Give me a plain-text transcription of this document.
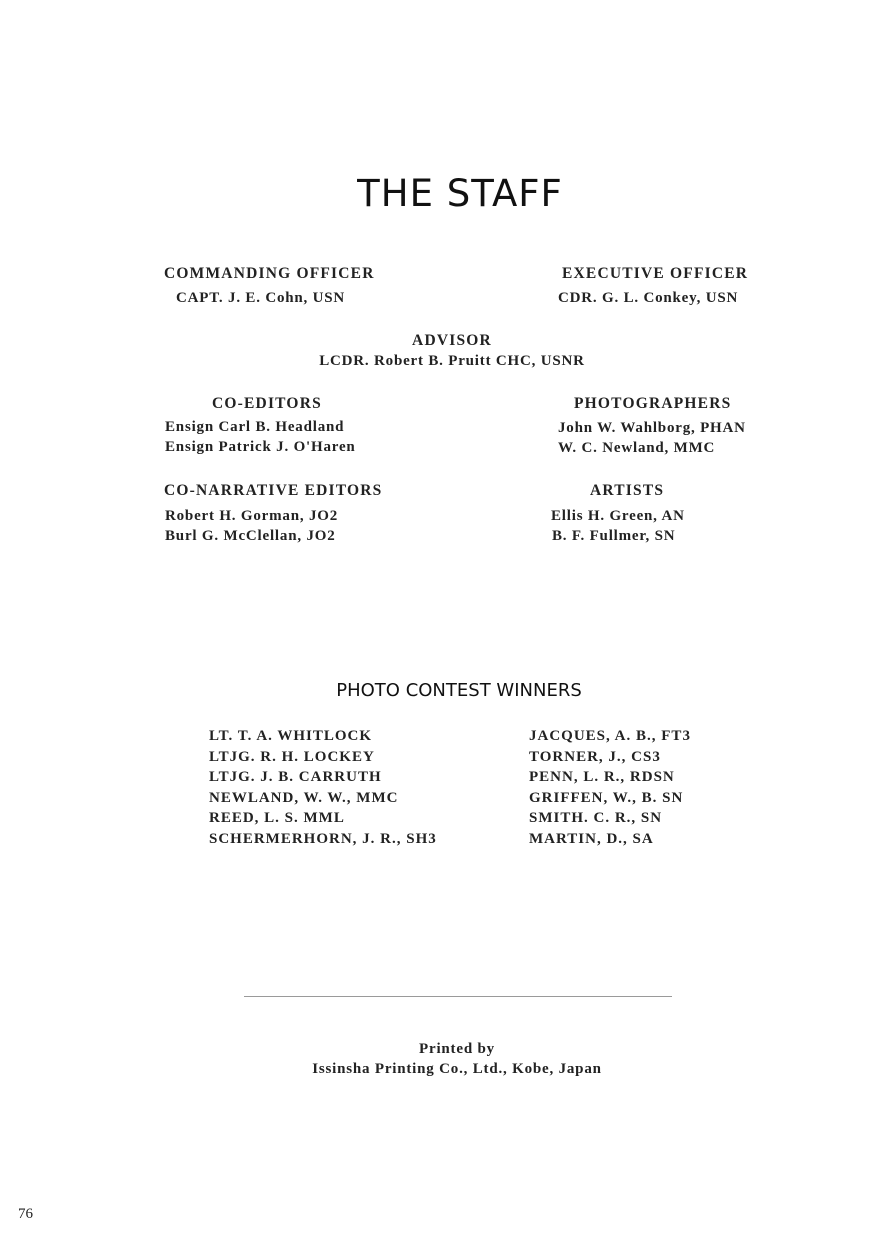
THE STAFF
COMMANDING OFFICER
CAPT. J. E. Cohn, USN
EXECUTIVE OFFICER
CDR. G. L. Conkey, USN
ADVISOR
LCDR. Robert B. Pruitt CHC, USNR
CO-EDITORS
Ensign Carl B. Headland
Ensign Patrick J. O'Haren
PHOTOGRAPHERS
John W. Wahlborg, PHAN
W. C. Newland, MMC
CO-NARRATIVE EDITORS
Robert H. Gorman, JO2
Burl G. McClellan, JO2
ARTISTS
Ellis H. Green, AN
B. F. Fullmer, SN
PHOTO CONTEST WINNERS
LT. T. A. WHITLOCK
LTJG. R. H. LOCKEY
LTJG. J. B. CARRUTH
NEWLAND, W. W., MMC
REED, L. S. MML
SCHERMERHORN, J. R., SH3
JACQUES, A. B., FT3
TORNER, J., CS3
PENN, L. R., RDSN
GRIFFEN, W., B. SN
SMITH. C. R., SN
MARTIN, D., SA
Printed by
Issinsha Printing Co., Ltd., Kobe, Japan
76
